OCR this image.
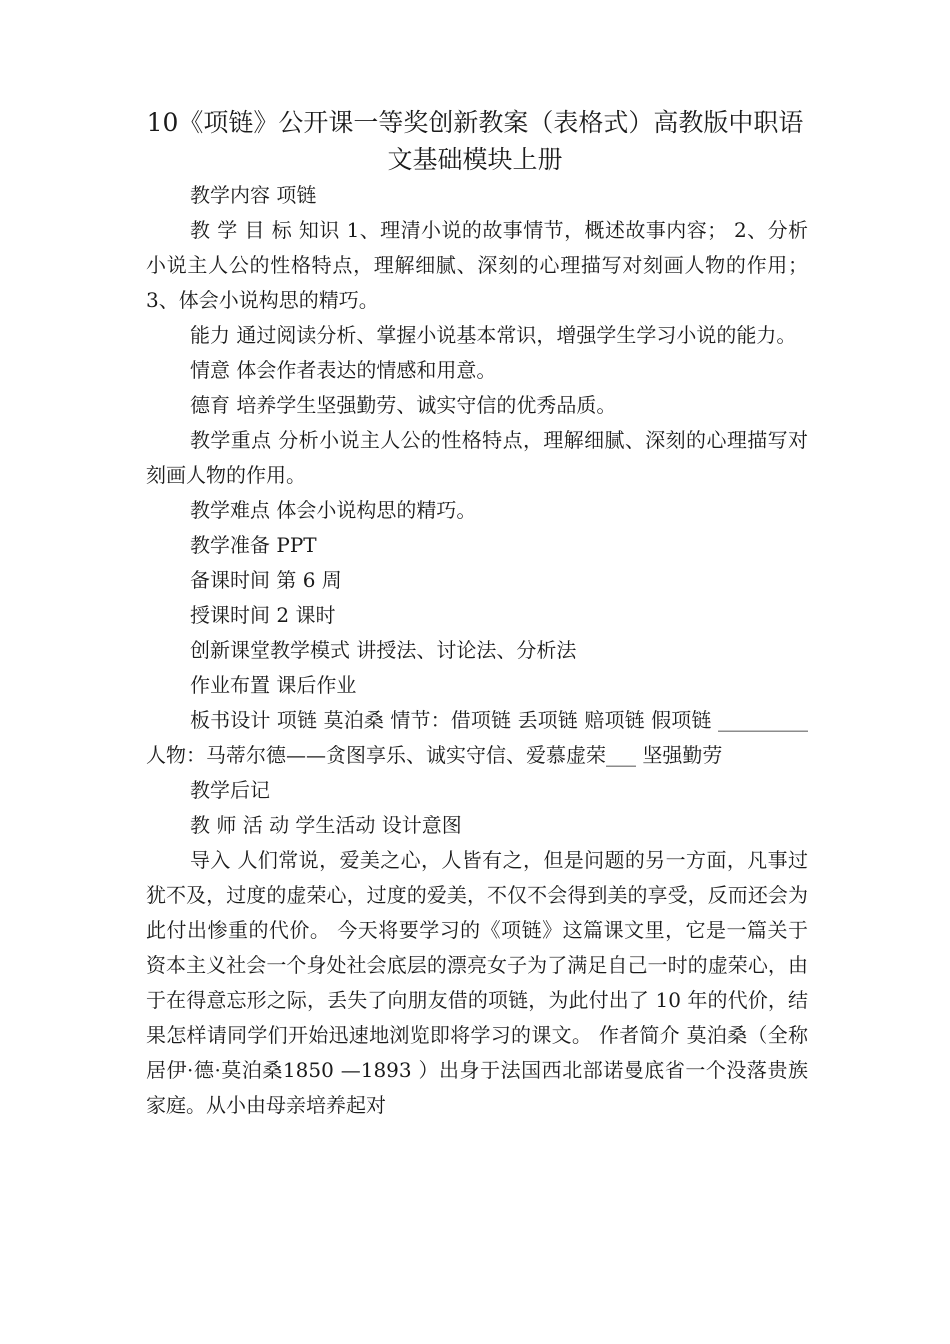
10《项链》公开课一等奖创新教案（表格式）高教版中职语文基础模块上册

教学内容 项链

教 学 目 标 知识 1、理清小说的故事情节，概述故事内容； 2、分析小说主人公的性格特点，理解细腻、深刻的心理描写对刻画人物的作用； 3、体会小说构思的精巧。

能力 通过阅读分析、掌握小说基本常识，增强学生学习小说的能力。

情意 体会作者表达的情感和用意。

德育 培养学生坚强勤劳、诚实守信的优秀品质。

教学重点 分析小说主人公的性格特点，理解细腻、深刻的心理描写对刻画人物的作用。

教学难点 体会小说构思的精巧。

教学准备 PPT

备课时间 第 6 周

授课时间 2 课时

创新课堂教学模式 讲授法、讨论法、分析法

作业布置 课后作业

板书设计 项链 莫泊桑 情节：借项链 丢项链 赔项链 假项链 _________人物：马蒂尔德——贪图享乐、诚实守信、爱慕虚荣___ 坚强勤劳

教学后记

教 师 活 动 学生活动 设计意图

导入 人们常说，爱美之心，人皆有之，但是问题的另一方面，凡事过犹不及，过度的虚荣心，过度的爱美，不仅不会得到美的享受，反而还会为此付出惨重的代价。 今天将要学习的《项链》这篇课文里，它是一篇关于资本主义社会一个身处社会底层的漂亮女子为了满足自己一时的虚荣心，由于在得意忘形之际，丢失了向朋友借的项链，为此付出了 10 年的代价，结果怎样请同学们开始迅速地浏览即将学习的课文。 作者简介 莫泊桑（全称居伊·德·莫泊桑1850 —1893 ）出身于法国西北部诺曼底省一个没落贵族家庭。从小由母亲培养起对
